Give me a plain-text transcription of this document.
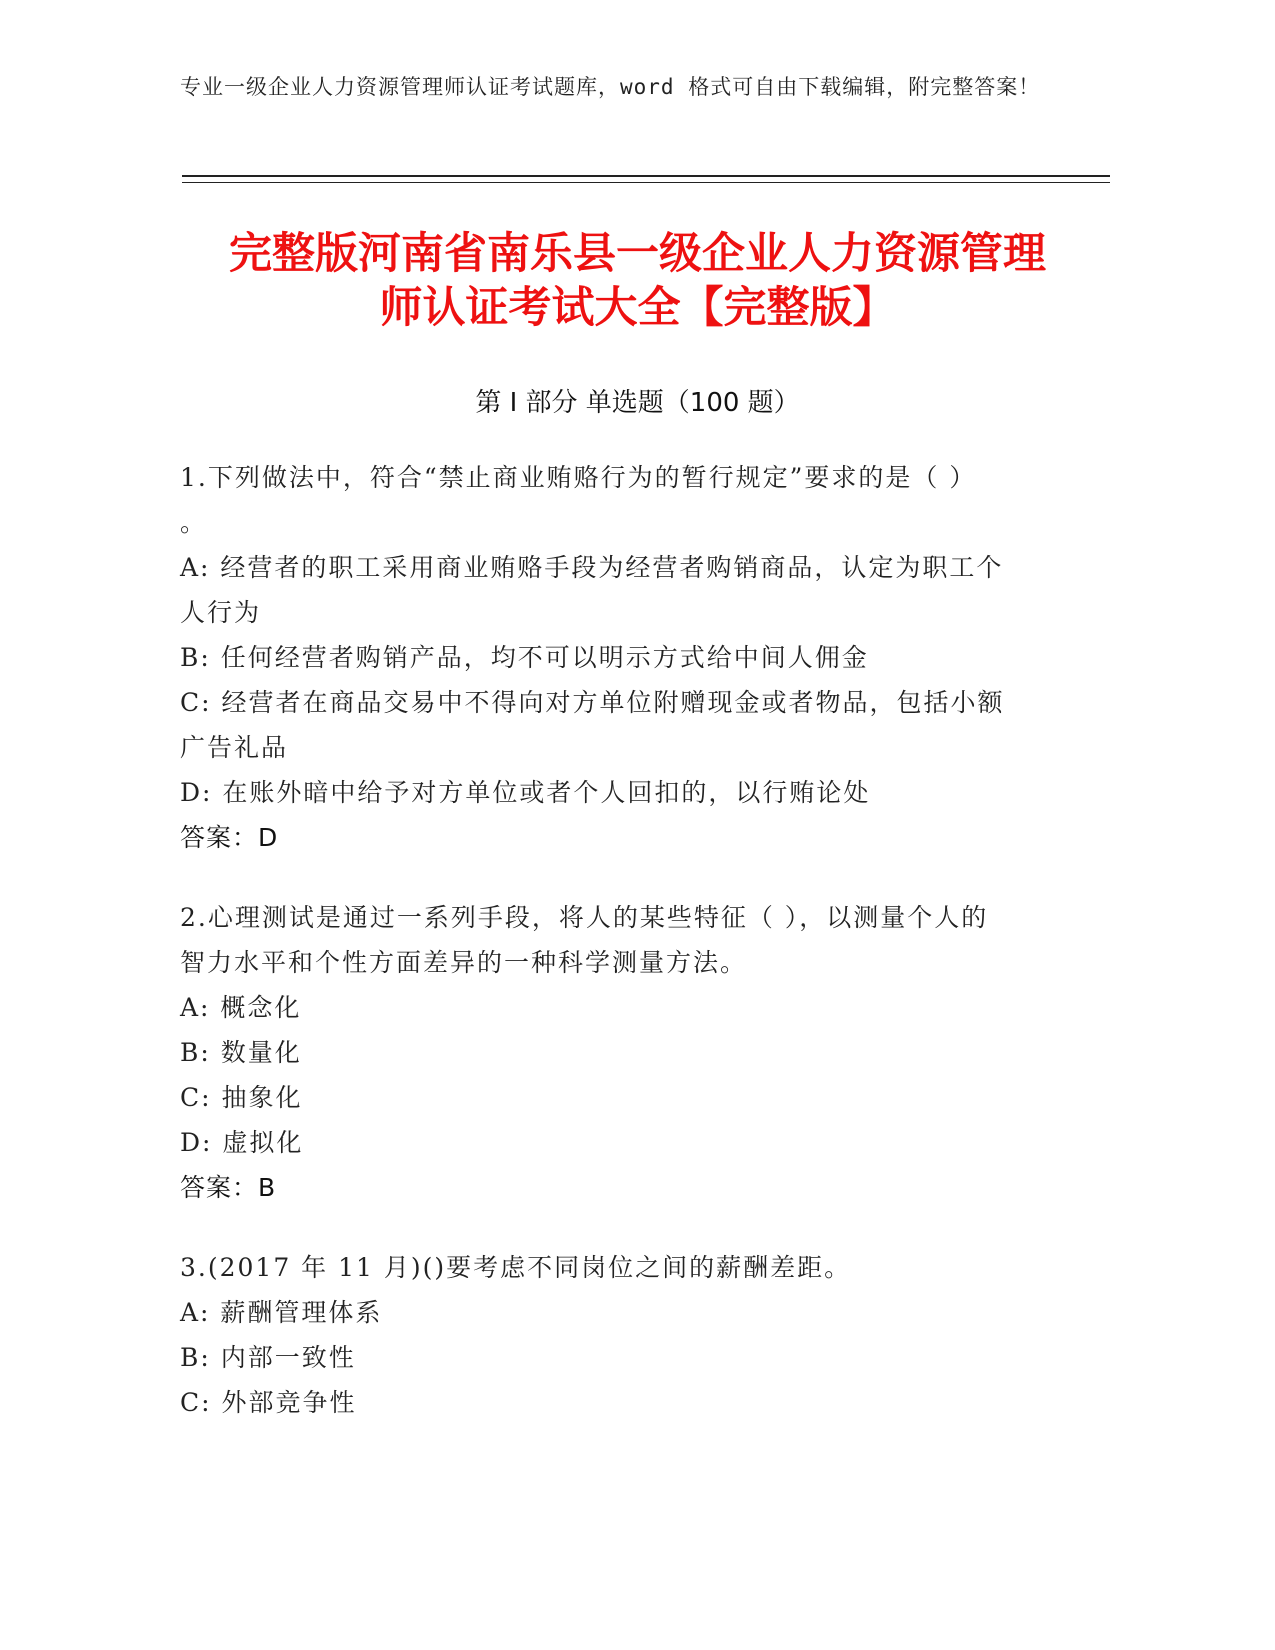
专业一级企业人力资源管理师认证考试题库，word 格式可自由下载编辑，附完整答案！
完整版河南省南乐县一级企业人力资源管理
师认证考试大全【完整版】
第 I 部分 单选题（100 题）
1.下列做法中，符合“禁止商业贿赂行为的暂行规定”要求的是（ ）
。
A: 经营者的职工采用商业贿赂手段为经营者购销商品，认定为职工个
人行为
B: 任何经营者购销产品，均不可以明示方式给中间人佣金
C: 经营者在商品交易中不得向对方单位附赠现金或者物品，包括小额
广告礼品
D: 在账外暗中给予对方单位或者个人回扣的，以行贿论处
答案：D
2.心理测试是通过一系列手段，将人的某些特征（ ），以测量个人的
智力水平和个性方面差异的一种科学测量方法。
A: 概念化
B: 数量化
C: 抽象化
D: 虚拟化
答案：B
3.(2017 年 11 月)()要考虑不同岗位之间的薪酬差距。
A: 薪酬管理体系
B: 内部一致性
C: 外部竞争性
